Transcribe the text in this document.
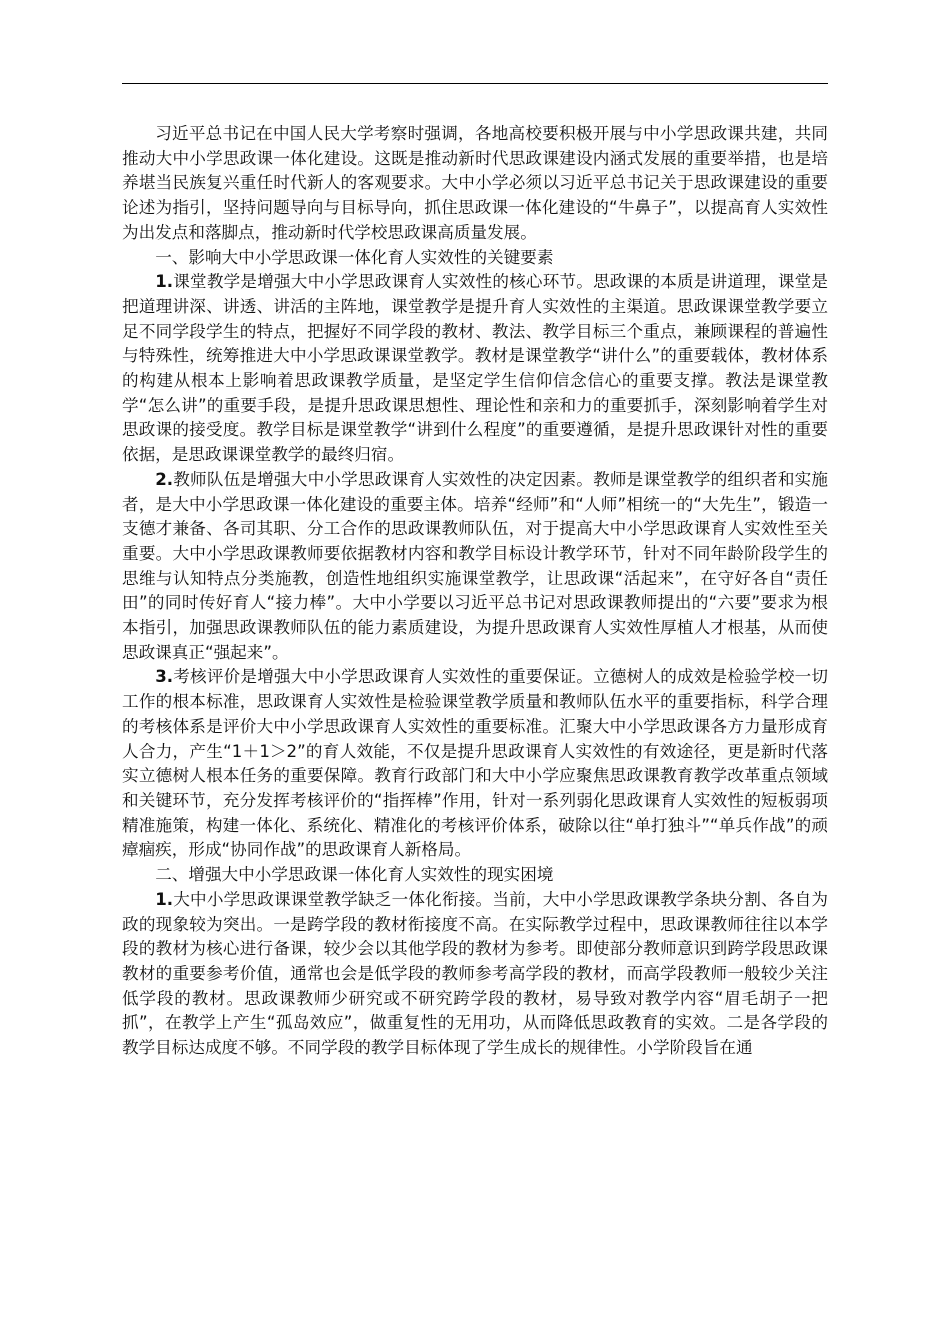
习近平总书记在中国人民大学考察时强调，各地高校要积极开展与中小学思政课共建，共同推动大中小学思政课一体化建设。这既是推动新时代思政课建设内涵式发展的重要举措，也是培养堪当民族复兴重任时代新人的客观要求。大中小学必须以习近平总书记关于思政课建设的重要论述为指引，坚持问题导向与目标导向，抓住思政课一体化建设的“牛鼻子”，以提高育人实效性为出发点和落脚点，推动新时代学校思政课高质量发展。

一、影响大中小学思政课一体化育人实效性的关键要素

1.课堂教学是增强大中小学思政课育人实效性的核心环节。思政课的本质是讲道理，课堂是把道理讲深、讲透、讲活的主阵地，课堂教学是提升育人实效性的主渠道。思政课课堂教学要立足不同学段学生的特点，把握好不同学段的教材、教法、教学目标三个重点，兼顾课程的普遍性与特殊性，统筹推进大中小学思政课课堂教学。教材是课堂教学“讲什么”的重要载体，教材体系的构建从根本上影响着思政课教学质量，是坚定学生信仰信念信心的重要支撑。教法是课堂教学“怎么讲”的重要手段，是提升思政课思想性、理论性和亲和力的重要抓手，深刻影响着学生对思政课的接受度。教学目标是课堂教学“讲到什么程度”的重要遵循，是提升思政课针对性的重要依据，是思政课课堂教学的最终归宿。

2.教师队伍是增强大中小学思政课育人实效性的决定因素。教师是课堂教学的组织者和实施者，是大中小学思政课一体化建设的重要主体。培养“经师”和“人师”相统一的“大先生”，锻造一支德才兼备、各司其职、分工合作的思政课教师队伍，对于提高大中小学思政课育人实效性至关重要。大中小学思政课教师要依据教材内容和教学目标设计教学环节，针对不同年龄阶段学生的思维与认知特点分类施教，创造性地组织实施课堂教学，让思政课“活起来”，在守好各自“责任田”的同时传好育人“接力棒”。大中小学要以习近平总书记对思政课教师提出的“六要”要求为根本指引，加强思政课教师队伍的能力素质建设，为提升思政课育人实效性厚植人才根基，从而使思政课真正“强起来”。

3.考核评价是增强大中小学思政课育人实效性的重要保证。立德树人的成效是检验学校一切工作的根本标准，思政课育人实效性是检验课堂教学质量和教师队伍水平的重要指标，科学合理的考核体系是评价大中小学思政课育人实效性的重要标准。汇聚大中小学思政课各方力量形成育人合力，产生“1＋1＞2”的育人效能，不仅是提升思政课育人实效性的有效途径，更是新时代落实立德树人根本任务的重要保障。教育行政部门和大中小学应聚焦思政课教育教学改革重点领域和关键环节，充分发挥考核评价的“指挥棒”作用，针对一系列弱化思政课育人实效性的短板弱项精准施策，构建一体化、系统化、精准化的考核评价体系，破除以往“单打独斗”“单兵作战”的顽瘴痼疾，形成“协同作战”的思政课育人新格局。

二、增强大中小学思政课一体化育人实效性的现实困境

1.大中小学思政课课堂教学缺乏一体化衔接。当前，大中小学思政课教学条块分割、各自为政的现象较为突出。一是跨学段的教材衔接度不高。在实际教学过程中，思政课教师往往以本学段的教材为核心进行备课，较少会以其他学段的教材为参考。即使部分教师意识到跨学段思政课教材的重要参考价值，通常也会是低学段的教师参考高学段的教材，而高学段教师一般较少关注低学段的教材。思政课教师少研究或不研究跨学段的教材，易导致对教学内容“眉毛胡子一把抓”，在教学上产生“孤岛效应”，做重复性的无用功，从而降低思政教育的实效。二是各学段的教学目标达成度不够。不同学段的教学目标体现了学生成长的规律性。小学阶段旨在通
